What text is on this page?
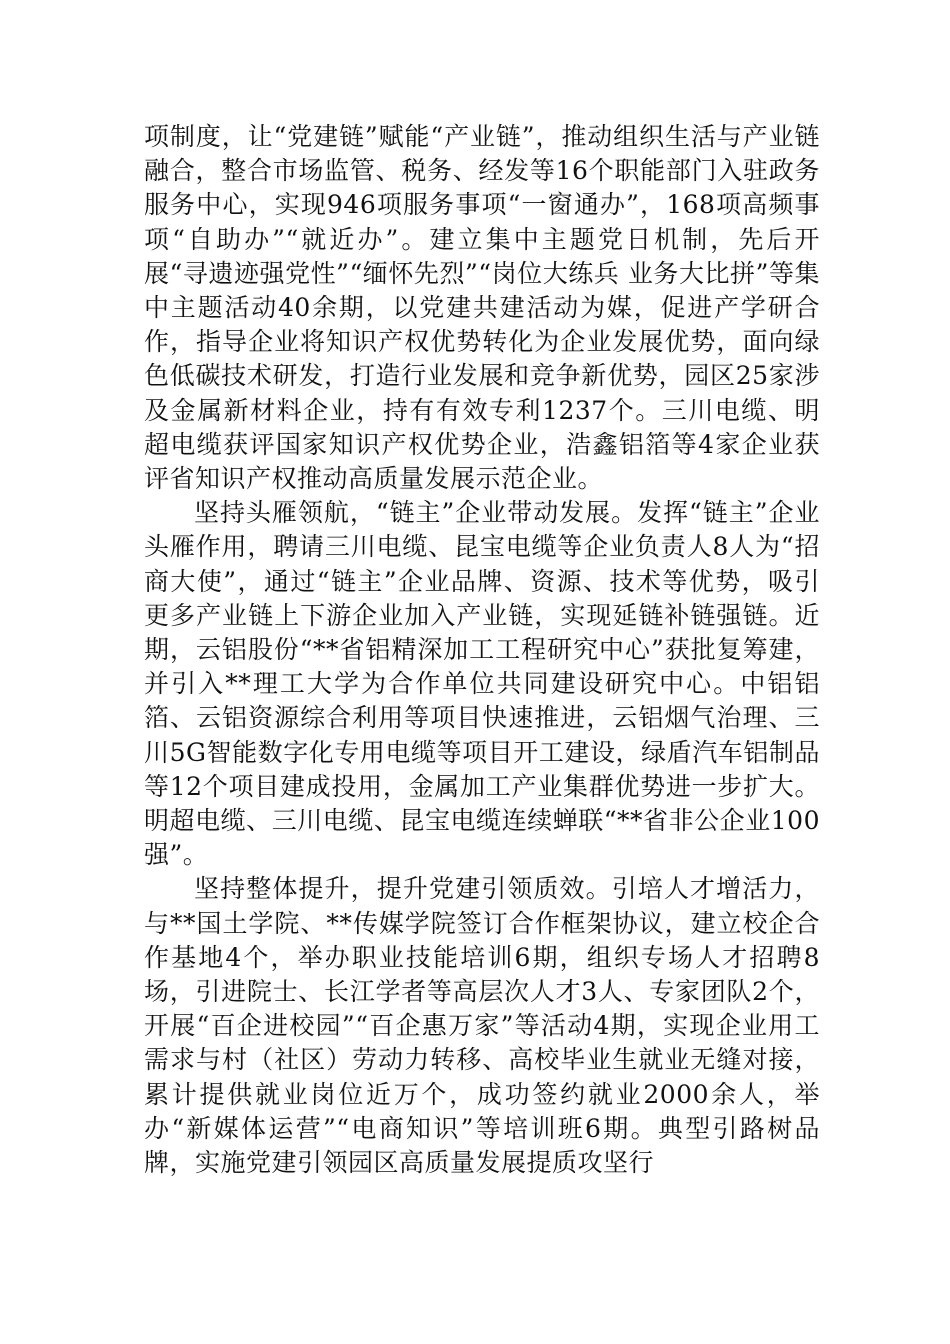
项制度，让“党建链”赋能“产业链”，推动组织生活与产业链融合，整合市场监管、税务、经发等16个职能部门入驻政务服务中心，实现946项服务事项“一窗通办”，168项高频事项“自助办”“就近办”。建立集中主题党日机制，先后开展“寻遗迹强党性”“缅怀先烈”“岗位大练兵 业务大比拼”等集中主题活动40余期，以党建共建活动为媒，促进产学研合作，指导企业将知识产权优势转化为企业发展优势，面向绿色低碳技术研发，打造行业发展和竞争新优势，园区25家涉及金属新材料企业，持有有效专利1237个。三川电缆、明超电缆获评国家知识产权优势企业，浩鑫铝箔等4家企业获评省知识产权推动高质量发展示范企业。

坚持头雁领航，“链主”企业带动发展。发挥“链主”企业头雁作用，聘请三川电缆、昆宝电缆等企业负责人8人为“招商大使”，通过“链主”企业品牌、资源、技术等优势，吸引更多产业链上下游企业加入产业链，实现延链补链强链。近期，云铝股份“**省铝精深加工工程研究中心”获批复筹建，并引入**理工大学为合作单位共同建设研究中心。中铝铝箔、云铝资源综合利用等项目快速推进，云铝烟气治理、三川5G智能数字化专用电缆等项目开工建设，绿盾汽车铝制品等12个项目建成投用，金属加工产业集群优势进一步扩大。明超电缆、三川电缆、昆宝电缆连续蝉联“**省非公企业100强”。

坚持整体提升，提升党建引领质效。引培人才增活力，与**国土学院、**传媒学院签订合作框架协议，建立校企合作基地4个，举办职业技能培训6期，组织专场人才招聘8场，引进院士、长江学者等高层次人才3人、专家团队2个，开展“百企进校园”“百企惠万家”等活动4期，实现企业用工需求与村（社区）劳动力转移、高校毕业生就业无缝对接，累计提供就业岗位近万个，成功签约就业2000余人，举办“新媒体运营”“电商知识”等培训班6期。典型引路树品牌，实施党建引领园区高质量发展提质攻坚行
